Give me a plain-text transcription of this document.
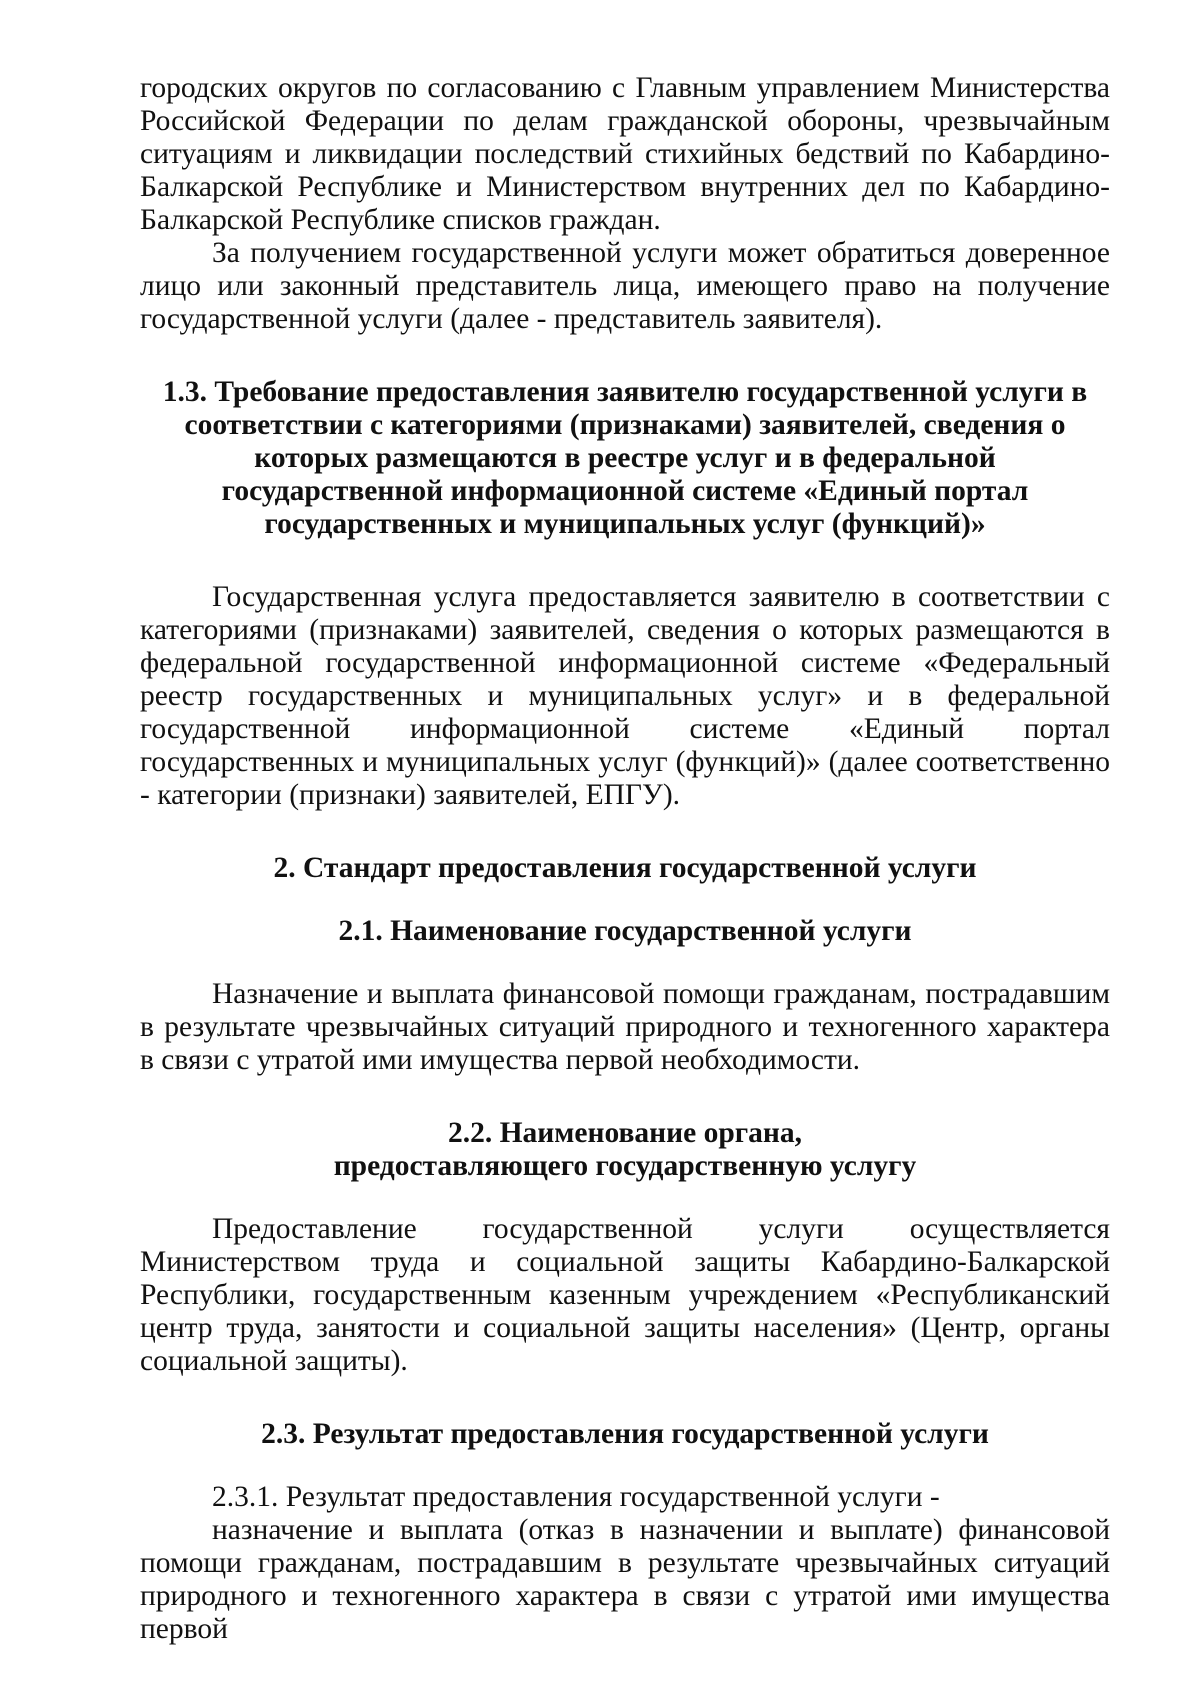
городских округов по согласованию с Главным управлением Министерства Российской Федерации по делам гражданской обороны, чрезвычайным ситуациям и ликвидации последствий стихийных бедствий по Кабардино-Балкарской Республике и Министерством внутренних дел по Кабардино-Балкарской Республике списков граждан.

За получением государственной услуги может обратиться доверенное лицо или законный представитель лица, имеющего право на получение государственной услуги (далее - представитель заявителя).

1.3. Требование предоставления заявителю государственной услуги в соответствии с категориями (признаками) заявителей, сведения о которых размещаются в реестре услуг и в федеральной государственной информационной системе «Единый портал государственных и муниципальных услуг (функций)»

Государственная услуга предоставляется заявителю в соответствии с категориями (признаками) заявителей, сведения о которых размещаются в федеральной государственной информационной системе «Федеральный реестр государственных и муниципальных услуг» и в федеральной государственной информационной системе «Единый портал государственных и муниципальных услуг (функций)» (далее соответственно - категории (признаки) заявителей, ЕПГУ).

2. Стандарт предоставления государственной услуги

2.1. Наименование государственной услуги

Назначение и выплата финансовой помощи гражданам, пострадавшим в результате чрезвычайных ситуаций природного и техногенного характера в связи с утратой ими имущества первой необходимости.

2.2. Наименование органа,

предоставляющего государственную услугу

Предоставление государственной услуги осуществляется Министерством труда и социальной защиты Кабардино-Балкарской Республики, государственным казенным учреждением «Республиканский центр труда, занятости и социальной защиты населения» (Центр, органы социальной защиты).

2.3. Результат предоставления государственной услуги

2.3.1. Результат предоставления государственной услуги -

назначение и выплата (отказ в назначении и выплате) финансовой помощи гражданам, пострадавшим в результате чрезвычайных ситуаций природного и техногенного характера в связи с утратой ими имущества первой
